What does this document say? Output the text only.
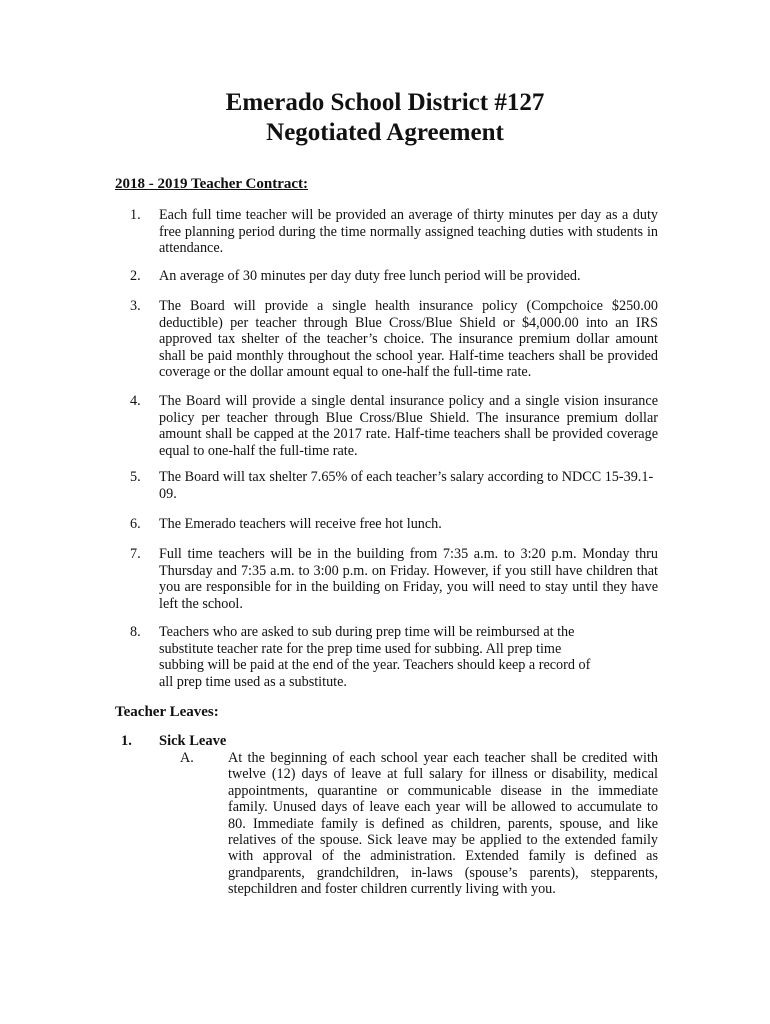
Emerado School District #127

Negotiated Agreement

2018 - 2019 Teacher Contract:

1. Each full time teacher will be provided an average of thirty minutes per day as a duty free planning period during the time normally assigned teaching duties with students in attendance.
2. An average of 30 minutes per day duty free lunch period will be provided.
3. The Board will provide a single health insurance policy (Compchoice $250.00 deductible) per teacher through Blue Cross/Blue Shield or $4,000.00 into an IRS approved tax shelter of the teacher’s choice. The insurance premium dollar amount shall be paid monthly throughout the school year. Half-time teachers shall be provided coverage or the dollar amount equal to one-half the full-time rate.
4. The Board will provide a single dental insurance policy and a single vision insurance policy per teacher through Blue Cross/Blue Shield. The insurance premium dollar amount shall be capped at the 2017 rate. Half-time teachers shall be provided coverage equal to one-half the full-time rate.
5. The Board will tax shelter 7.65% of each teacher’s salary according to NDCC 15-39.1-09.
6. The Emerado teachers will receive free hot lunch.
7. Full time teachers will be in the building from 7:35 a.m. to 3:20 p.m. Monday thru Thursday and 7:35 a.m. to 3:00 p.m. on Friday. However, if you still have children that you are responsible for in the building on Friday, you will need to stay until they have left the school.
8. Teachers who are asked to sub during prep time will be reimbursed at the substitute teacher rate for the prep time used for subbing. All prep time subbing will be paid at the end of the year. Teachers should keep a record of all prep time used as a substitute.

Teacher Leaves:

1. Sick Leave
A. At the beginning of each school year each teacher shall be credited with twelve (12) days of leave at full salary for illness or disability, medical appointments, quarantine or communicable disease in the immediate family. Unused days of leave each year will be allowed to accumulate to 80. Immediate family is defined as children, parents, spouse, and like relatives of the spouse. Sick leave may be applied to the extended family with approval of the administration. Extended family is defined as grandparents, grandchildren, in-laws (spouse’s parents), stepparents, stepchildren and foster children currently living with you.
